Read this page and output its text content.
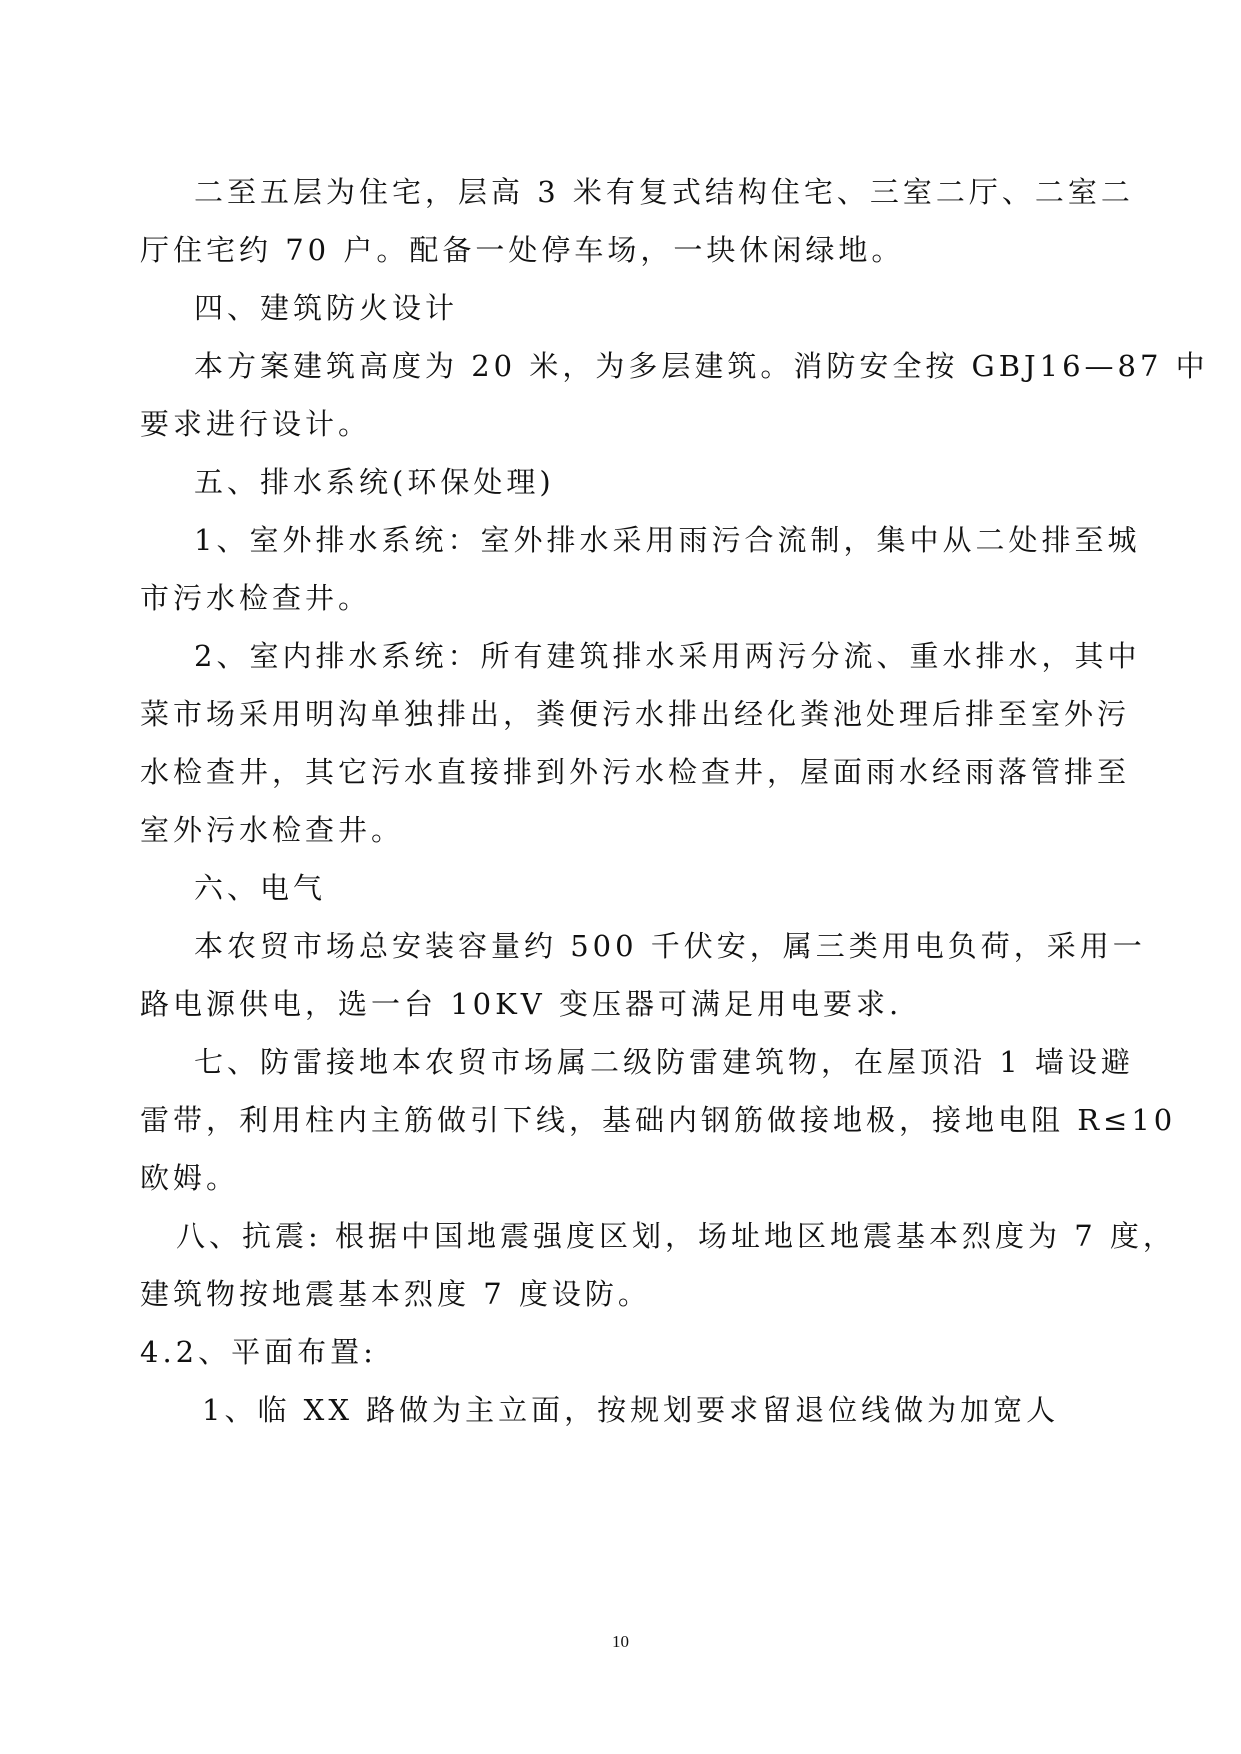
二至五层为住宅，层高 3 米有复式结构住宅、三室二厅、二室二
厅住宅约 70 户。配备一处停车场，一块休闲绿地。
四、建筑防火设计
本方案建筑高度为 20 米，为多层建筑。消防安全按 GBJ16—87 中
要求进行设计。
五、排水系统(环保处理)
1、室外排水系统：室外排水采用雨污合流制，集中从二处排至城
市污水检查井。
2、室内排水系统：所有建筑排水采用两污分流、重水排水，其中
菜市场采用明沟单独排出，粪便污水排出经化粪池处理后排至室外污
水检查井，其它污水直接排到外污水检查井，屋面雨水经雨落管排至
室外污水检查井。
六、电气
本农贸市场总安装容量约 500 千伏安，属三类用电负荷，采用一
路电源供电，选一台 10KV 变压器可满足用电要求.
七、防雷接地本农贸市场属二级防雷建筑物，在屋顶沿 1 墙设避
雷带，利用柱内主筋做引下线，基础内钢筋做接地极，接地电阻 R≤10
欧姆。
八、抗震: 根据中国地震强度区划，场址地区地震基本烈度为 7 度，
建筑物按地震基本烈度 7 度设防。
4.2、平面布置:
1、临 XX 路做为主立面，按规划要求留退位线做为加宽人
10
